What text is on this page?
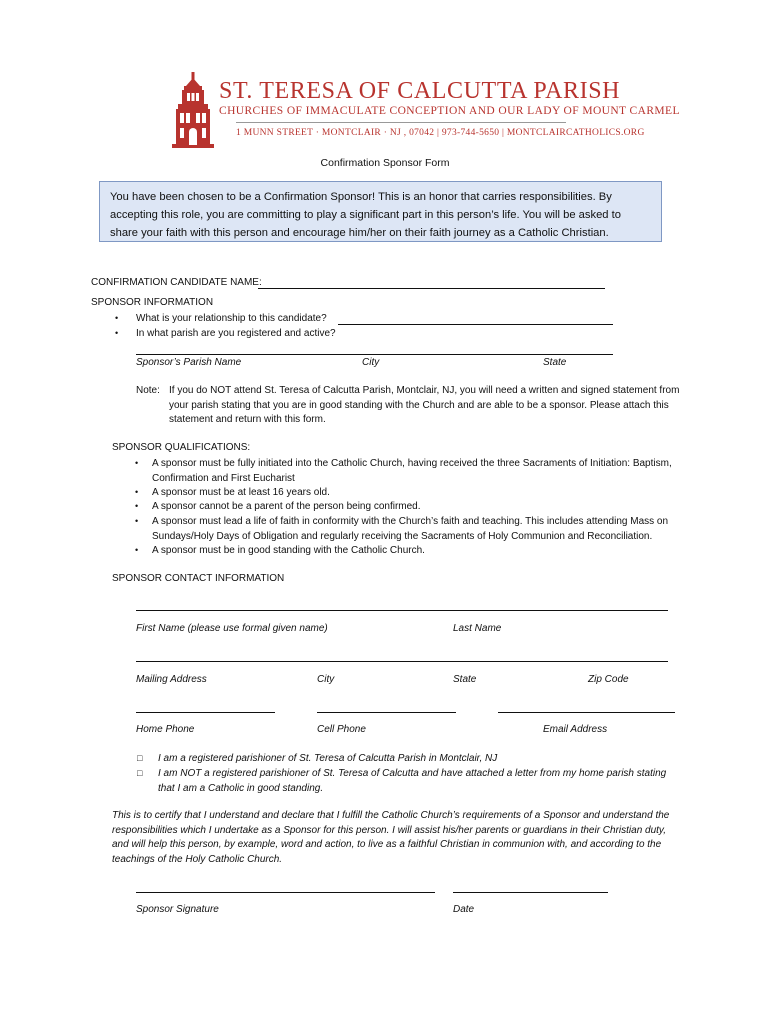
ST. TERESA OF CALCUTTA PARISH
CHURCHES OF IMMACULATE CONCEPTION AND OUR LADY OF MOUNT CARMEL
1 MUNN STREET · MONTCLAIR · NJ , 07042 | 973-744-5650 | MONTCLAIRCATHOLICS.ORG
Confirmation Sponsor Form
You have been chosen to be a Confirmation Sponsor! This is an honor that carries responsibilities. By accepting this role, you are committing to play a significant part in this person’s life. You will be asked to share your faith with this person and encourage him/her on their faith journey as a Catholic Christian.
CONFIRMATION CANDIDATE NAME:
SPONSOR INFORMATION
• What is your relationship to this candidate?
• In what parish are you registered and active?
Sponsor’s Parish Name	City	State
Note: If you do NOT attend St. Teresa of Calcutta Parish, Montclair, NJ, you will need a written and signed statement from your parish stating that you are in good standing with the Church and are able to be a sponsor. Please attach this statement and return with this form.
SPONSOR QUALIFICATIONS:
• A sponsor must be fully initiated into the Catholic Church, having received the three Sacraments of Initiation: Baptism, Confirmation and First Eucharist
• A sponsor must be at least 16 years old.
• A sponsor cannot be a parent of the person being confirmed.
• A sponsor must lead a life of faith in conformity with the Church’s faith and teaching. This includes attending Mass on Sundays/Holy Days of Obligation and regularly receiving the Sacraments of Holy Communion and Reconciliation.
• A sponsor must be in good standing with the Catholic Church.
SPONSOR CONTACT INFORMATION
First Name (please use formal given name)	Last Name
Mailing Address	City	State	Zip Code
Home Phone	Cell Phone	Email Address
□ I am a registered parishioner of St. Teresa of Calcutta Parish in Montclair, NJ
□ I am NOT a registered parishioner of St. Teresa of Calcutta and have attached a letter from my home parish stating that I am a Catholic in good standing.
This is to certify that I understand and declare that I fulfill the Catholic Church’s requirements of a Sponsor and understand the responsibilities which I undertake as a Sponsor for this person. I will assist his/her parents or guardians in their Christian duty, and will help this person, by example, word and action, to live as a faithful Christian in communion with, and according to the teachings of the Holy Catholic Church.
Sponsor Signature	Date
